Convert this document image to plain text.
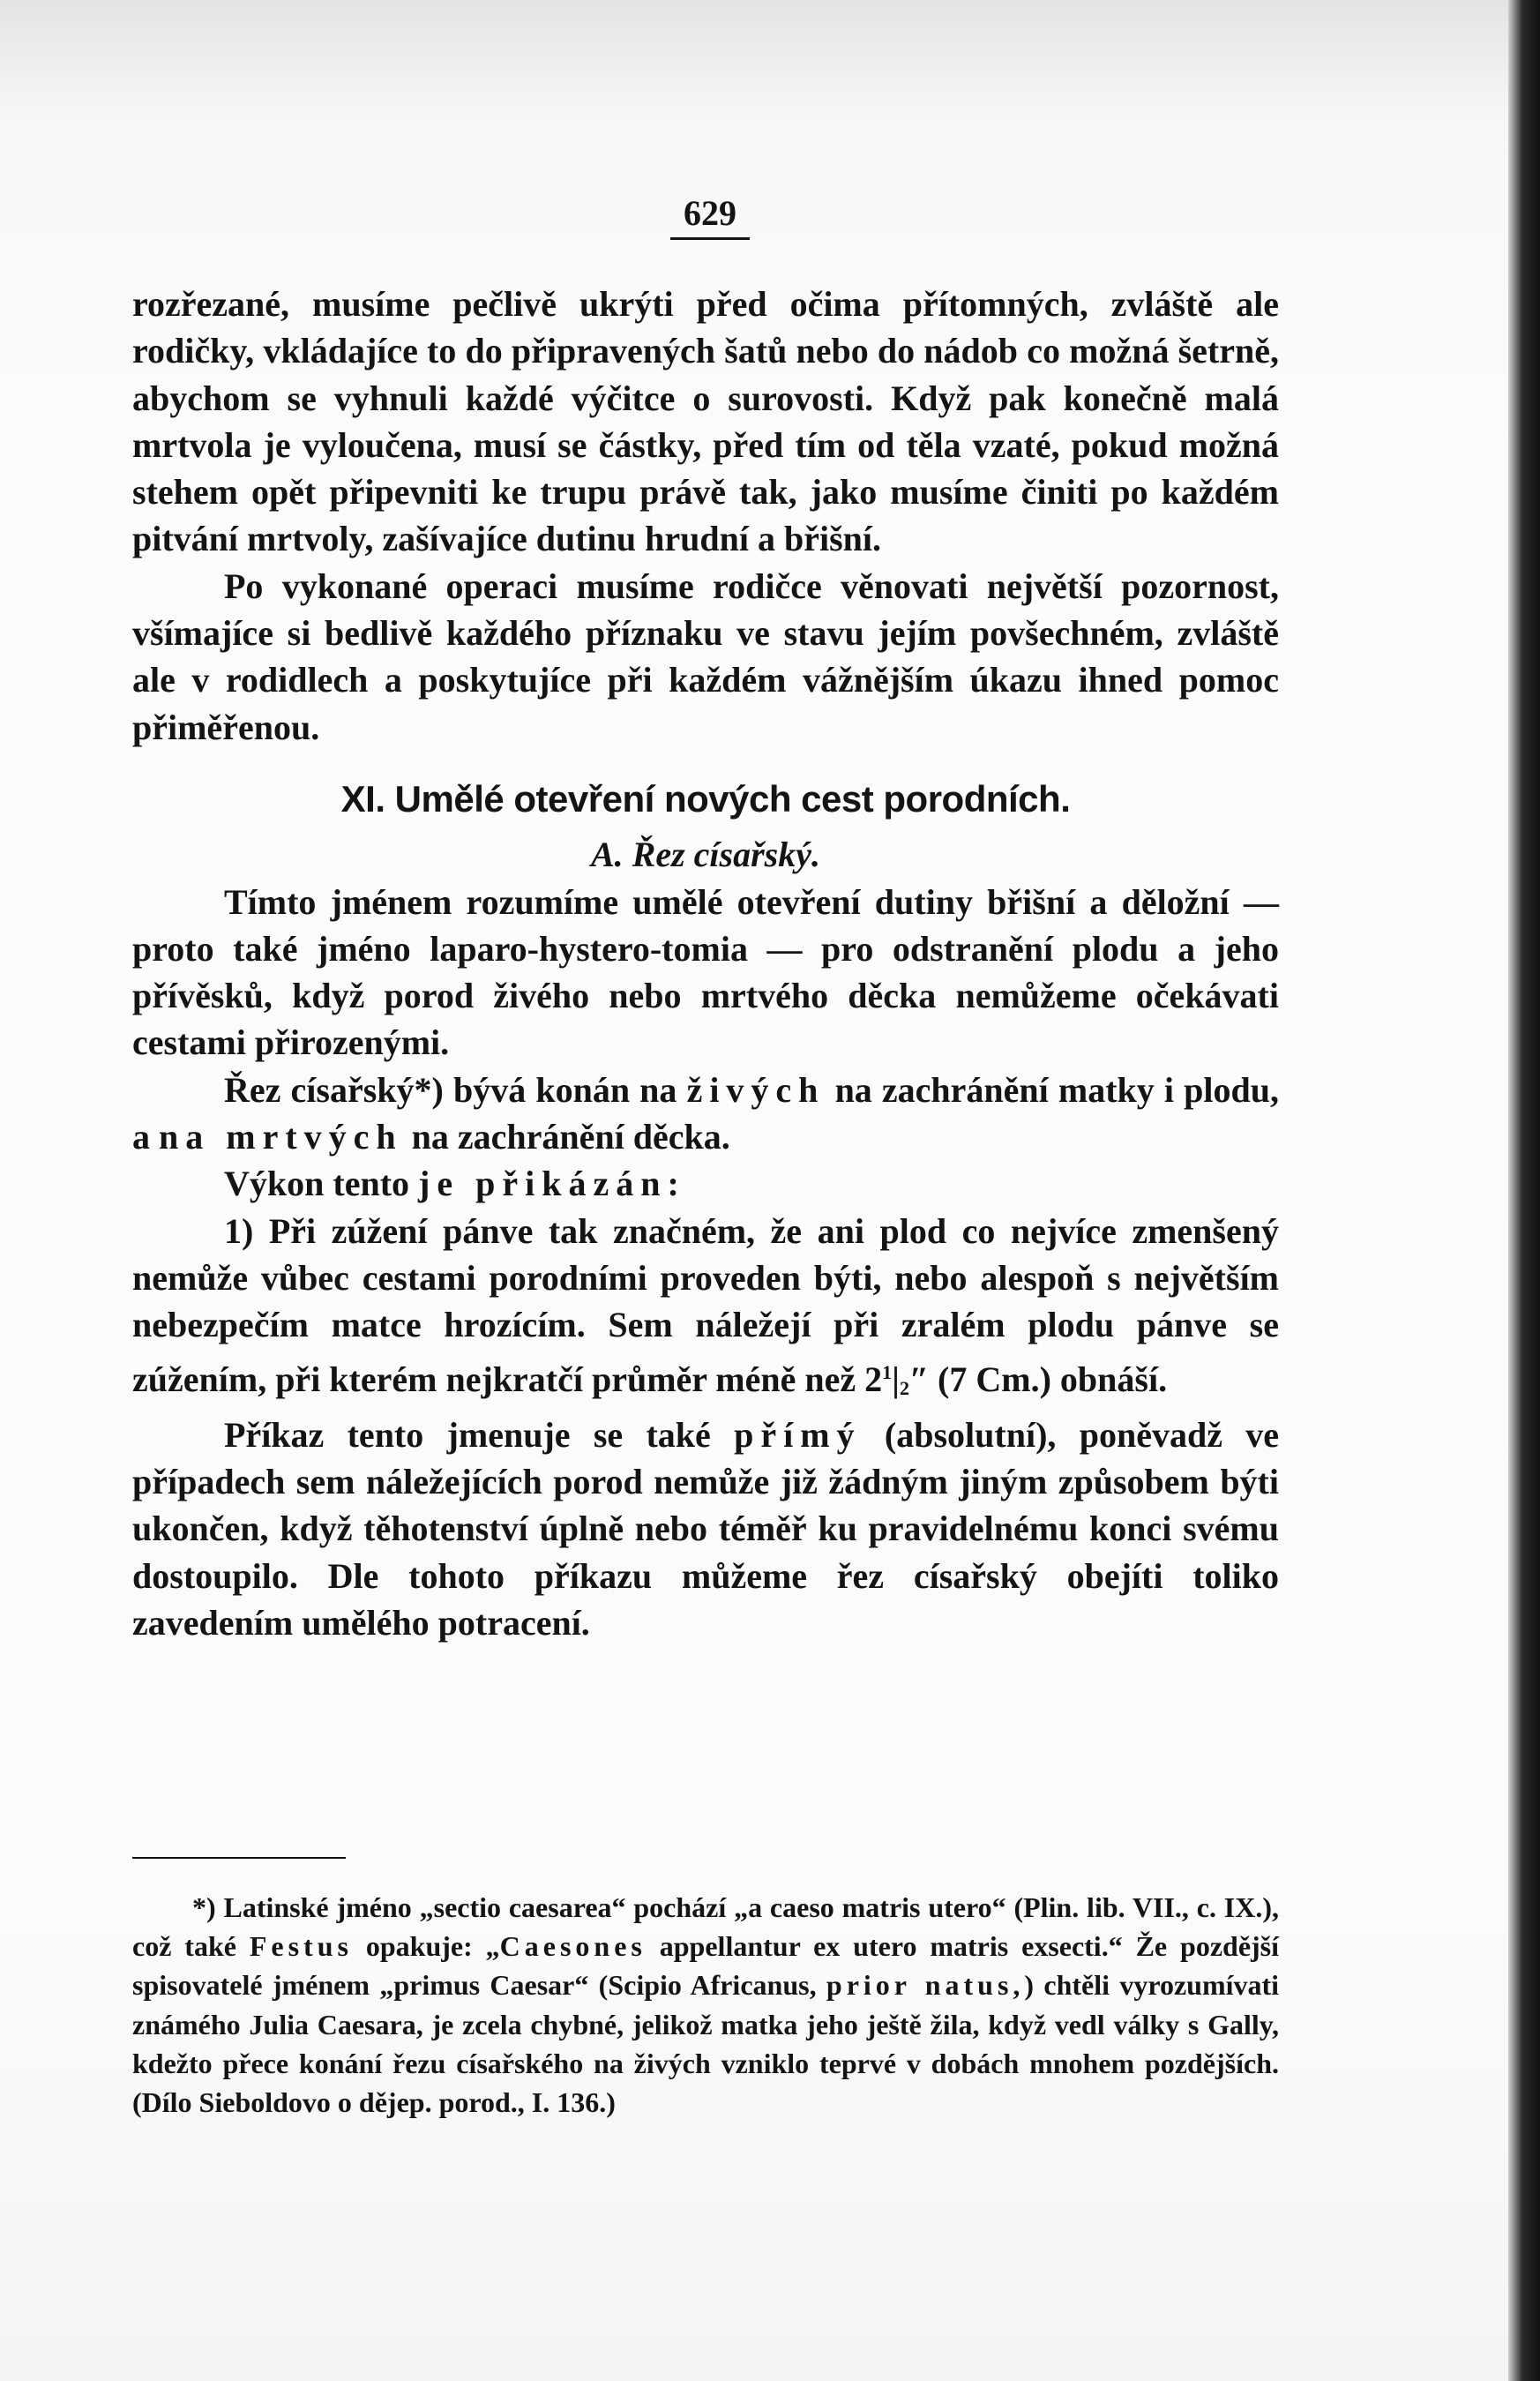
629

rozřezané, musíme pečlivě ukrýti před očima přítomných, zvláště ale rodičky, vkládajíce to do připravených šatů nebo do nádob co možná šetrně, abychom se vyhnuli každé výčitce o surovosti. Když pak konečně malá mrtvola je vyloučena, musí se částky, před tím od těla vzaté, pokud možná stehem opět připevniti ke trupu právě tak, jako musíme činiti po každém pitvání mrtvoly, zašívajíce dutinu hrudní a břišní.

Po vykonané operaci musíme rodičce věnovati největší pozornost, všímajíce si bedlivě každého příznaku ve stavu jejím povšechném, zvláště ale v rodidlech a poskytujíce při každém vážnějším úkazu ihned pomoc přiměřenou.

XI. Umělé otevření nových cest porodních.
A. Řez císařský.

Tímto jménem rozumíme umělé otevření dutiny břišní a děložní — proto také jméno laparo-hystero-tomia — pro odstranění plodu a jeho přívěsků, když porod živého nebo mrtvého děcka nemůžeme očekávati cestami přirozenými.

Řez císařský*) bývá konán na živých na zachránění matky i plodu, a na mrtvých na zachránění děcka.

Výkon tento je přikázán:

1) Při zúžení pánve tak značném, že ani plod co nejvíce zmenšený nemůže vůbec cestami porodními proveden býti, nebo alespoň s největším nebezpečím matce hrozícím. Sem náležejí při zralém plodu pánve se zúžením, při kterém nejkratčí průměr méně než $2^1|_2''$ (7 Cm.) obnáší.

Příkaz tento jmenuje se také přímý (absolutní), poněvadž ve případech sem náležejících porod nemůže již žádným jiným způsobem býti ukončen, když těhotenství úplně nebo téměř ku pravidelnému konci svému dostoupilo. Dle tohoto příkazu můžeme řez císařský obejíti toliko zavedením umělého potracení.

*) Latinské jméno „sectio caesarea“ pochází „a caeso matris utero“ (Plin. lib. VII., c. IX.), což také Festus opakuje: „Caesones appellantur ex utero matris exsecti.“ Že pozdější spisovatelé jménem „primus Caesar“ (Scipio Africanus, prior natus,) chtěli vyrozumívati známého Julia Caesara, je zcela chybné, jelikož matka jeho ještě žila, když vedl války s Gally, kdežto přece konání řezu císařského na živých vzniklo teprvé v dobách mnohem pozdějších. (Dílo Sieboldovo o dějep. porod., I. 136.)
